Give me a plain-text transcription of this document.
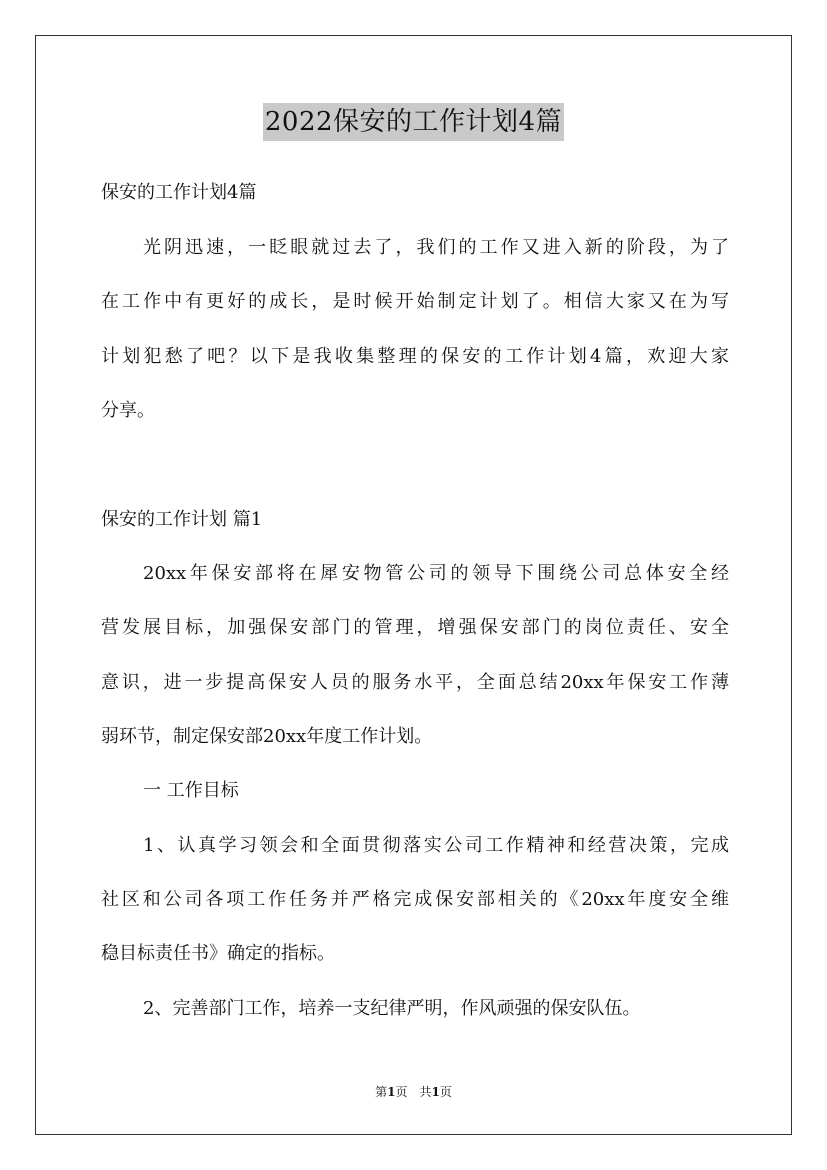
2022保安的工作计划4篇
保安的工作计划4篇
光阴迅速，一眨眼就过去了，我们的工作又进入新的阶段，为了
在工作中有更好的成长，是时候开始制定计划了。相信大家又在为写
计划犯愁了吧？以下是我收集整理的保安的工作计划4篇，欢迎大家
分享。
保安的工作计划 篇1
20xx年保安部将在犀安物管公司的领导下围绕公司总体安全经
营发展目标，加强保安部门的管理，增强保安部门的岗位责任、安全
意识，进一步提高保安人员的服务水平，全面总结20xx年保安工作薄
弱环节，制定保安部20xx年度工作计划。
一 工作目标
1、认真学习领会和全面贯彻落实公司工作精神和经营决策，完成
社区和公司各项工作任务并严格完成保安部相关的《20xx年度安全维
稳目标责任书》确定的指标。
2、完善部门工作，培养一支纪律严明，作风顽强的保安队伍。
第1页　共1页
